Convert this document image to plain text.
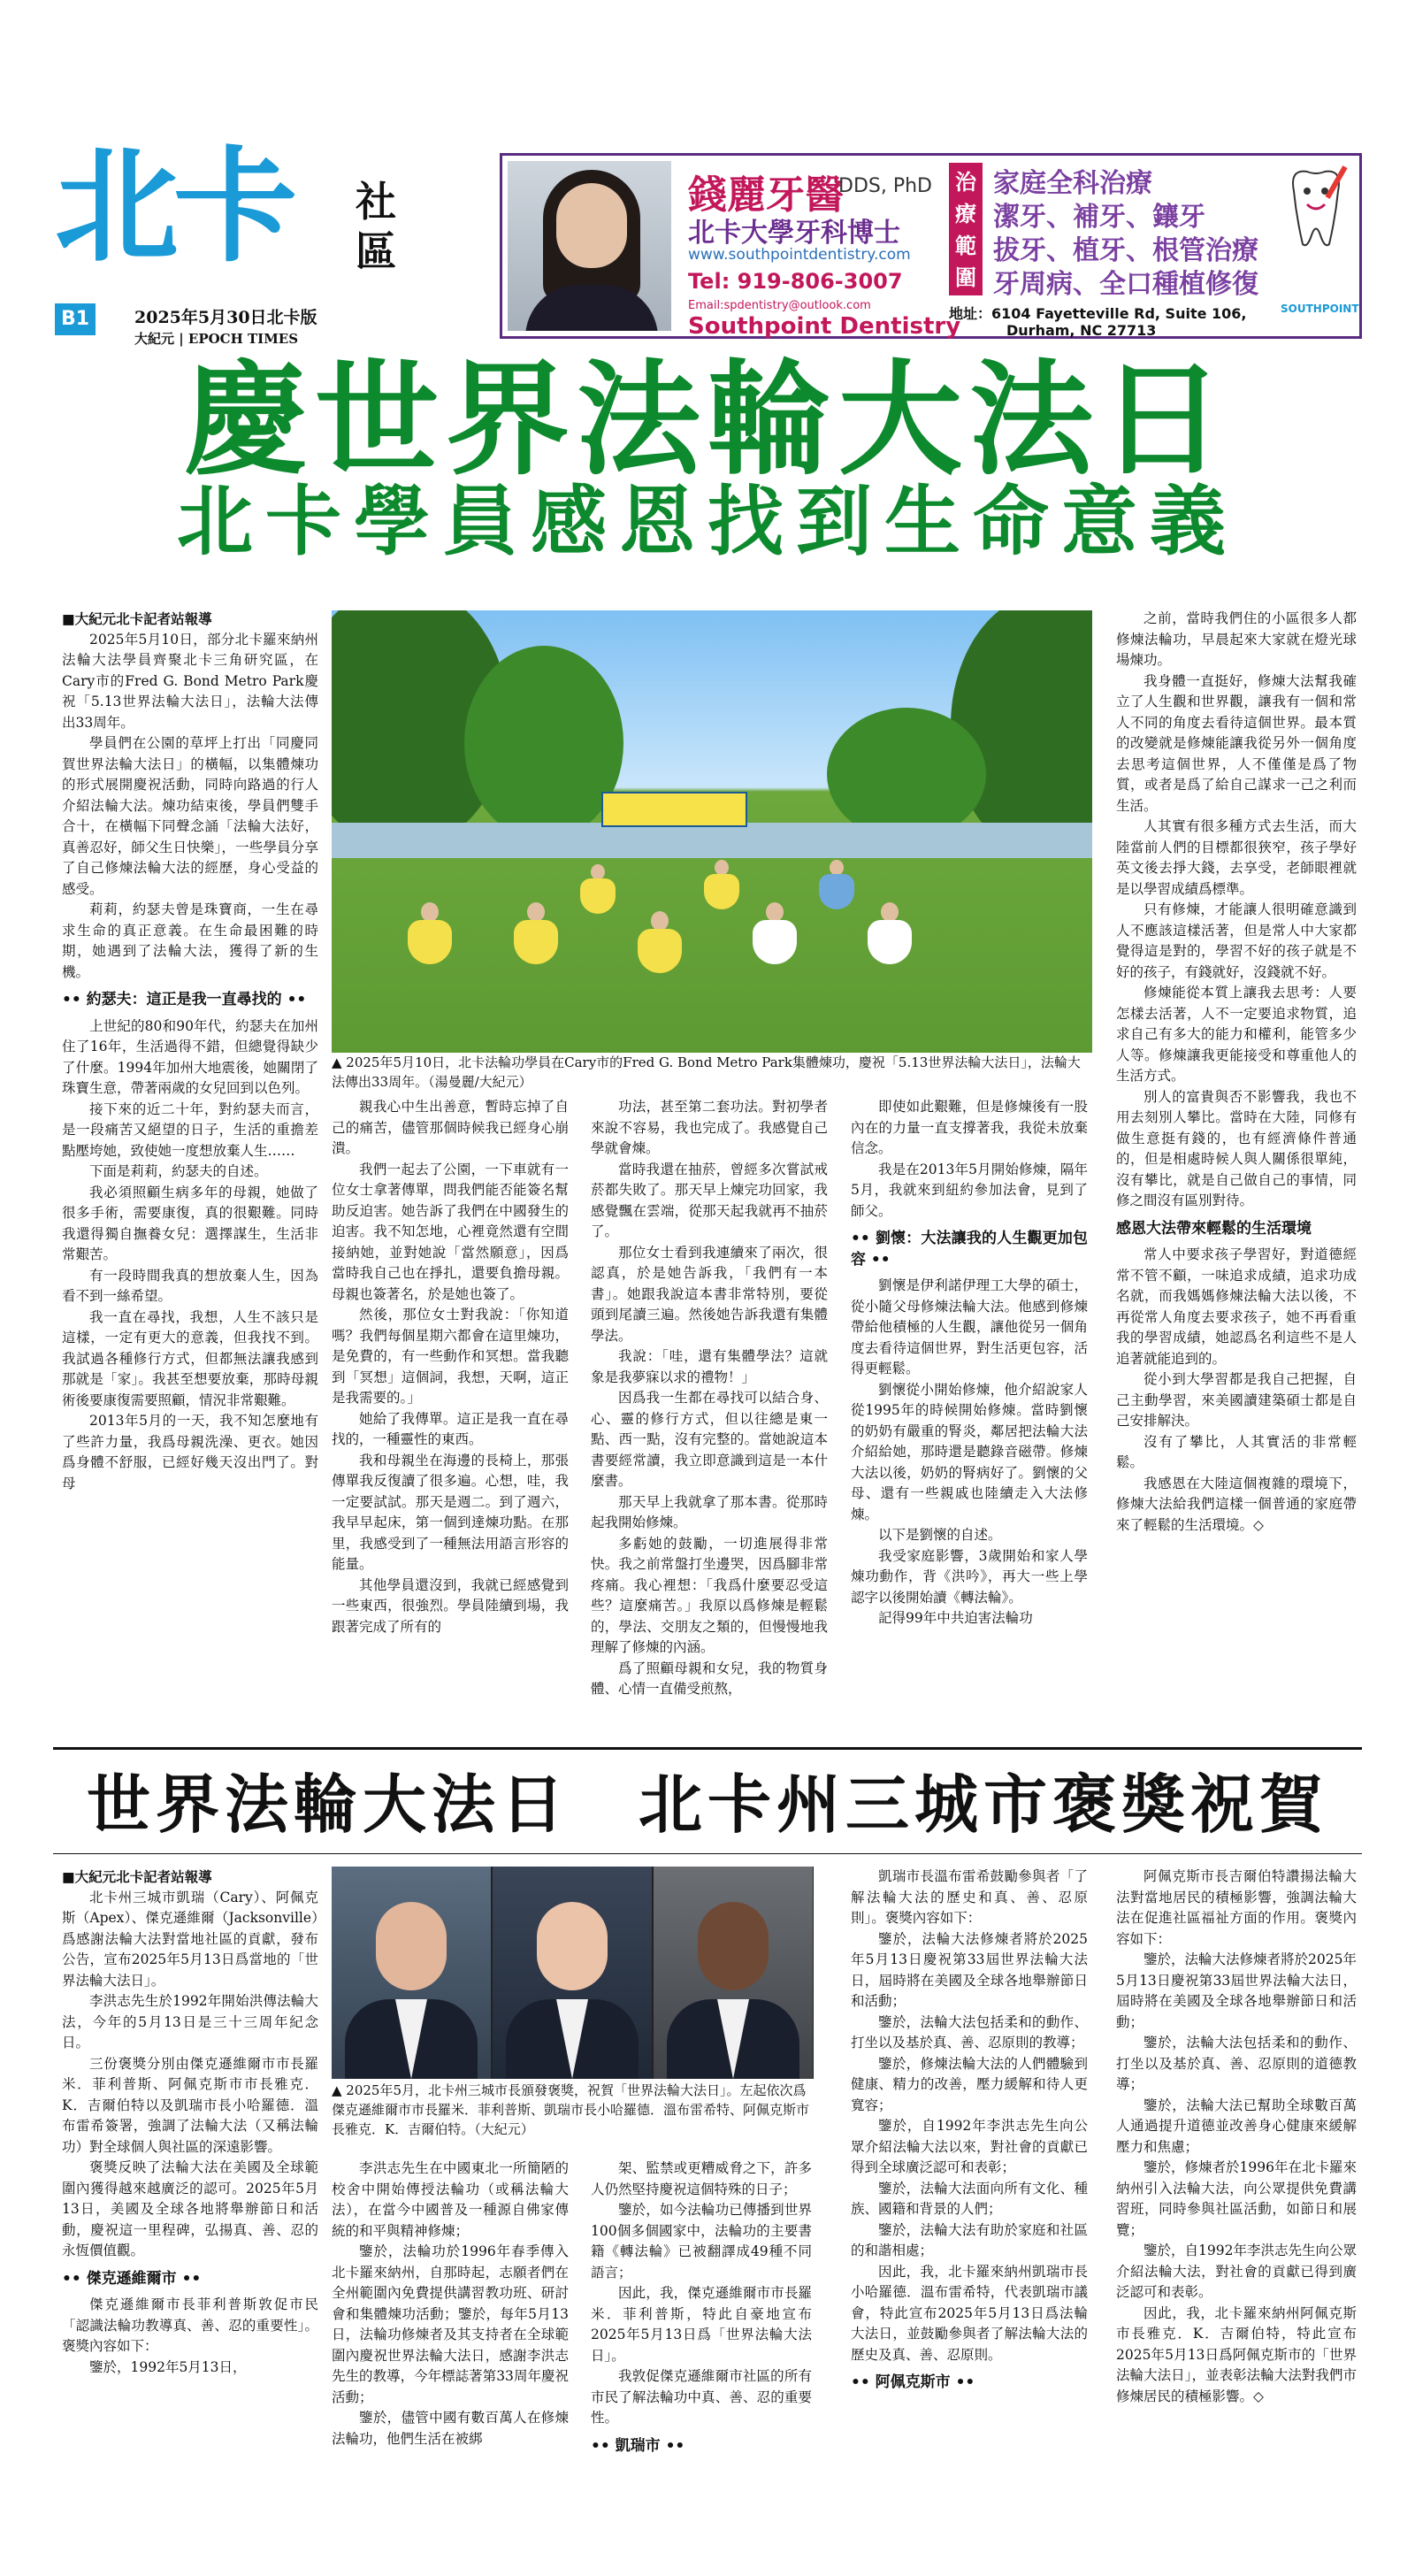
北卡 社區
B1	2025年5月30日北卡版
大紀元 | EPOCH TIMES
錢麗牙醫
DDS, PhD
北卡大學牙科博士
www.southpointdentistry.com
Tel: 919-806-3007
Email:spdentistry@outlook.com
Southpoint Dentistry
治療範圍
家庭全科治療
潔牙、補牙、鑲牙
拔牙、植牙、根管治療
牙周病、全口種植修復
地址：6104 Fayetteville Rd, Suite 106,
Durham, NC 27713
SOUTHPOINT
慶世界法輪大法日
北卡學員感恩找到生命意義

■大紀元北卡記者站報導

2025年5月10日，部分北卡羅來納州法輪大法學員齊聚北卡三角研究區，在Cary市的Fred G. Bond Metro Park慶祝「5.13世界法輪大法日」，法輪大法傳出33周年。

學員們在公園的草坪上打出「同慶同賀世界法輪大法日」的橫幅，以集體煉功的形式展開慶祝活動，同時向路過的行人介紹法輪大法。煉功結束後，學員們雙手合十，在橫幅下同聲念誦「法輪大法好，真善忍好，師父生日快樂」，一些學員分享了自己修煉法輪大法的經歷，身心受益的感受。

莉莉，約瑟夫曾是珠寶商，一生在尋求生命的真正意義。在生命最困難的時期，她遇到了法輪大法，獲得了新的生機。

•• 約瑟夫：這正是我一直尋找的 ••

上世紀的80和90年代，約瑟夫在加州住了16年，生活過得不錯，但總覺得缺少了什麼。1994年加州大地震後，她關閉了珠寶生意，帶著兩歲的女兒回到以色列。

接下來的近二十年，對約瑟夫而言，是一段痛苦又絕望的日子，生活的重擔差點壓垮她，致使她一度想放棄人生……

下面是莉莉，約瑟夫的自述。

我必須照顧生病多年的母親，她做了很多手術，需要康復，真的很艱難。同時我還得獨自撫養女兒：選擇謀生，生活非常艱苦。

有一段時間我真的想放棄人生，因為看不到一絲希望。

我一直在尋找，我想，人生不該只是這樣，一定有更大的意義，但我找不到。我試過各種修行方式，但都無法讓我感到那就是「家」。我甚至想要放棄，那時母親術後要康復需要照顧，情況非常艱難。

2013年5月的一天，我不知怎麼地有了些許力量，我爲母親洗澡、更衣。她因爲身體不舒服，已經好幾天沒出門了。對母

▲ 2025年5月10日，北卡法輪功學員在Cary市的Fred G. Bond Metro Park集體煉功，慶祝「5.13世界法輪大法日」，法輪大法傳出33周年。（湯曼麗/大紀元）

親我心中生出善意，暫時忘掉了自己的痛苦，儘管那個時候我已經身心崩潰。

我們一起去了公園，一下車就有一位女士拿著傳單，問我們能否能簽名幫助反迫害。她告訴了我們在中國發生的迫害。我不知怎地，心裡竟然還有空間接納她，並對她說「當然願意」，因爲當時我自己也在掙扎，還要負擔母親。母親也簽著名，於是她也簽了。

然後，那位女士對我說：「你知道嗎？我們每個星期六都會在這里煉功，是免費的，有一些動作和冥想。當我聽到「冥想」這個詞，我想，天啊，這正是我需要的。」

她給了我傳單。這正是我一直在尋找的，一種靈性的東西。

我和母親坐在海邊的長椅上，那張傳單我反復讀了很多遍。心想，哇，我一定要試試。那天是週二。到了週六，我早早起床，第一個到達煉功點。在那里，我感受到了一種無法用語言形容的能量。

其他學員還沒到，我就已經感覺到一些東西，很強烈。學員陸續到場，我跟著完成了所有的

功法，甚至第二套功法。對初學者來說不容易，我也完成了。我感覺自己學就會煉。

當時我還在抽菸，曾經多次嘗試戒菸都失敗了。那天早上煉完功回家，我感覺飄在雲端，從那天起我就再不抽菸了。

那位女士看到我連續來了兩次，很認真，於是她告訴我，「我們有一本書」。她跟我說這本書非常特別，要從頭到尾讀三遍。然後她告訴我還有集體學法。

我說：「哇，還有集體學法？這就象是我夢寐以求的禮物！」

因爲我一生都在尋找可以結合身、心、靈的修行方式，但以往總是東一點、西一點，沒有完整的。當她說這本書要經常讀，我立即意識到這是一本什麼書。

那天早上我就拿了那本書。從那時起我開始修煉。

多虧她的鼓勵，一切進展得非常快。我之前常盤打坐邊哭，因爲腳非常疼痛。我心裡想：「我爲什麼要忍受這些？這麼痛苦。」我原以爲修煉是輕鬆的，學法、交朋友之類的，但慢慢地我理解了修煉的內涵。

爲了照顧母親和女兒，我的物質身體、心情一直備受煎熬，

即使如此艱難，但是修煉後有一股內在的力量一直支撐著我，我從未放棄信念。

我是在2013年5月開始修煉，隔年5月，我就來到紐約參加法會，見到了師父。

•• 劉懷：大法讓我的人生觀更加包容 ••

劉懷是伊利諾伊理工大學的碩士，從小隨父母修煉法輪大法。他感到修煉帶給他積極的人生觀，讓他從另一個角度去看待這個世界，對生活更包容，活得更輕鬆。

劉懷從小開始修煉，他介紹說家人從1995年的時候開始修煉。當時劉懷的奶奶有嚴重的腎炎，鄰居把法輪大法介紹給她，那時還是聽錄音磁帶。修煉大法以後，奶奶的腎病好了。劉懷的父母、還有一些親戚也陸續走入大法修煉。

以下是劉懷的自述。

我受家庭影響，3歲開始和家人學煉功動作，背《洪吟》，再大一些上學認字以後開始讀《轉法輪》。

記得99年中共迫害法輪功

之前，當時我們住的小區很多人都修煉法輪功，早晨起來大家就在燈光球場煉功。

我身體一直挺好，修煉大法幫我確立了人生觀和世界觀，讓我有一個和常人不同的角度去看待這個世界。最本質的改變就是修煉能讓我從另外一個角度去思考這個世界，人不僅僅是爲了物質，或者是爲了給自己謀求一己之利而生活。

人其實有很多種方式去生活，而大陸當前人們的目標都很狹窄，孩子學好英文後去掙大錢，去享受，老師眼裡就是以學習成績爲標準。

只有修煉，才能讓人很明確意識到人不應該這樣活著，但是常人中大家都覺得這是對的，學習不好的孩子就是不好的孩子，有錢就好，沒錢就不好。

修煉能從本質上讓我去思考：人要怎樣去活著，人不一定要追求物質，追求自己有多大的能力和權利，能管多少人等。修煉讓我更能接受和尊重他人的生活方式。

別人的富貴與否不影響我，我也不用去刻別人攀比。當時在大陸，同修有做生意挺有錢的，也有經濟條件普通的，但是相處時候人與人關係很單純，沒有攀比，就是自己做自己的事情，同修之間沒有區別對待。

感恩大法帶來輕鬆的生活環境

常人中要求孩子學習好，對道德經常不管不顧，一味追求成績，追求功成名就，而我媽媽修煉法輪大法以後，不再從常人角度去要求孩子，她不再看重我的學習成績，她認爲名利這些不是人追著就能追到的。

從小到大學習都是我自己把握，自己主動學習，來美國讀建築碩士都是自己安排解決。

沒有了攀比，人其實活的非常輕鬆。

我感恩在大陸這個複雜的環境下，修煉大法給我們這樣一個普通的家庭帶來了輕鬆的生活環境。◇

世界法輪大法日　北卡州三城市褒獎祝賀

■大紀元北卡記者站報導

北卡州三城市凱瑞（Cary）、阿佩克斯（Apex）、傑克遜維爾（Jacksonville）爲感謝法輪大法對當地社區的貢獻，發布公告，宣布2025年5月13日爲當地的「世界法輪大法日」。

李洪志先生於1992年開始洪傳法輪大法，今年的5月13日是三十三周年紀念日。

三份褒獎分別由傑克遜維爾市市長羅米．菲利普斯、阿佩克斯市市長雅克．K．吉爾伯特以及凱瑞市長小哈羅德．溫布雷希簽署，強調了法輪大法（又稱法輪功）對全球個人與社區的深遠影響。

褒獎反映了法輪大法在美國及全球範圍內獲得越來越廣泛的認可。2025年5月13日，美國及全球各地將舉辦節日和活動，慶祝這一里程碑，弘揚真、善、忍的永恆價值觀。

•• 傑克遜維爾市 ••

傑克遜維爾市長菲利普斯敦促市民「認識法輪功教導真、善、忍的重要性」。褒獎內容如下：

鑒於，1992年5月13日，

▲ 2025年5月，北卡州三城市長頒發褒獎，祝賀「世界法輪大法日」。左起依次爲傑克遜維爾市市長羅米．菲利普斯、凱瑞市長小哈羅德．溫布雷希特、阿佩克斯市長雅克．K．吉爾伯特。（大紀元）

李洪志先生在中國東北一所簡陋的校舍中開始傳授法輪功（或稱法輪大法），在當今中國普及一種源自佛家傳統的和平與精神修煉；

鑒於，法輪功於1996年春季傳入北卡羅來納州，自那時起，志願者們在全州範圍內免費提供講習教功班、研討會和集體煉功活動；鑒於，每年5月13日，法輪功修煉者及其支持者在全球範圍內慶祝世界法輪大法日，感謝李洪志先生的教導，今年標誌著第33周年慶祝活動；

鑒於，儘管中國有數百萬人在修煉法輪功，他們生活在被綁

架、監禁或更糟威脅之下，許多人仍然堅持慶祝這個特殊的日子；

鑒於，如今法輪功已傳播到世界100個多個國家中，法輪功的主要書籍《轉法輪》已被翻譯成49種不同語言；

因此，我，傑克遜維爾市市長羅米．菲利普斯，特此自豪地宣布2025年5月13日爲「世界法輪大法日」。

我敦促傑克遜維爾市社區的所有市民了解法輪功中真、善、忍的重要性。

•• 凱瑞市 ••

凱瑞市長溫布雷希鼓勵參與者「了解法輪大法的歷史和真、善、忍原則」。褒獎內容如下：

鑒於，法輪大法修煉者將於2025年5月13日慶祝第33屆世界法輪大法日，屆時將在美國及全球各地舉辦節日和活動；

鑒於，法輪大法包括柔和的動作、打坐以及基於真、善、忍原則的教導；

鑒於，修煉法輪大法的人們體驗到健康、精力的改善，壓力緩解和待人更寬容；

鑒於，自1992年李洪志先生向公眾介紹法輪大法以來，對社會的貢獻已得到全球廣泛認可和表彰；

鑒於，法輪大法面向所有文化、種族、國籍和背景的人們；

鑒於，法輪大法有助於家庭和社區的和諧相處；

因此，我，北卡羅來納州凱瑞市長小哈羅德．溫布雷希特，代表凱瑞市議會，特此宣布2025年5月13日爲法輪大法日，並鼓勵參與者了解法輪大法的歷史及真、善、忍原則。

•• 阿佩克斯市 ••

阿佩克斯市長吉爾伯特讚揚法輪大法對當地居民的積極影響，強調法輪大法在促進社區福祉方面的作用。褒獎內容如下：

鑒於，法輪大法修煉者將於2025年5月13日慶祝第33屆世界法輪大法日，屆時將在美國及全球各地舉辦節日和活動；

鑒於，法輪大法包括柔和的動作、打坐以及基於真、善、忍原則的道德教導；

鑒於，法輪大法已幫助全球數百萬人通過提升道德並改善身心健康來緩解壓力和焦慮；

鑒於，修煉者於1996年在北卡羅來納州引入法輪大法，向公眾提供免費講習班，同時參與社區活動，如節日和展覽；

鑒於，自1992年李洪志先生向公眾介紹法輪大法，對社會的貢獻已得到廣泛認可和表彰。

因此，我，北卡羅來納州阿佩克斯市長雅克．K．吉爾伯特，特此宣布2025年5月13日爲阿佩克斯市的「世界法輪大法日」，並表彰法輪大法對我們市修煉居民的積極影響。◇
